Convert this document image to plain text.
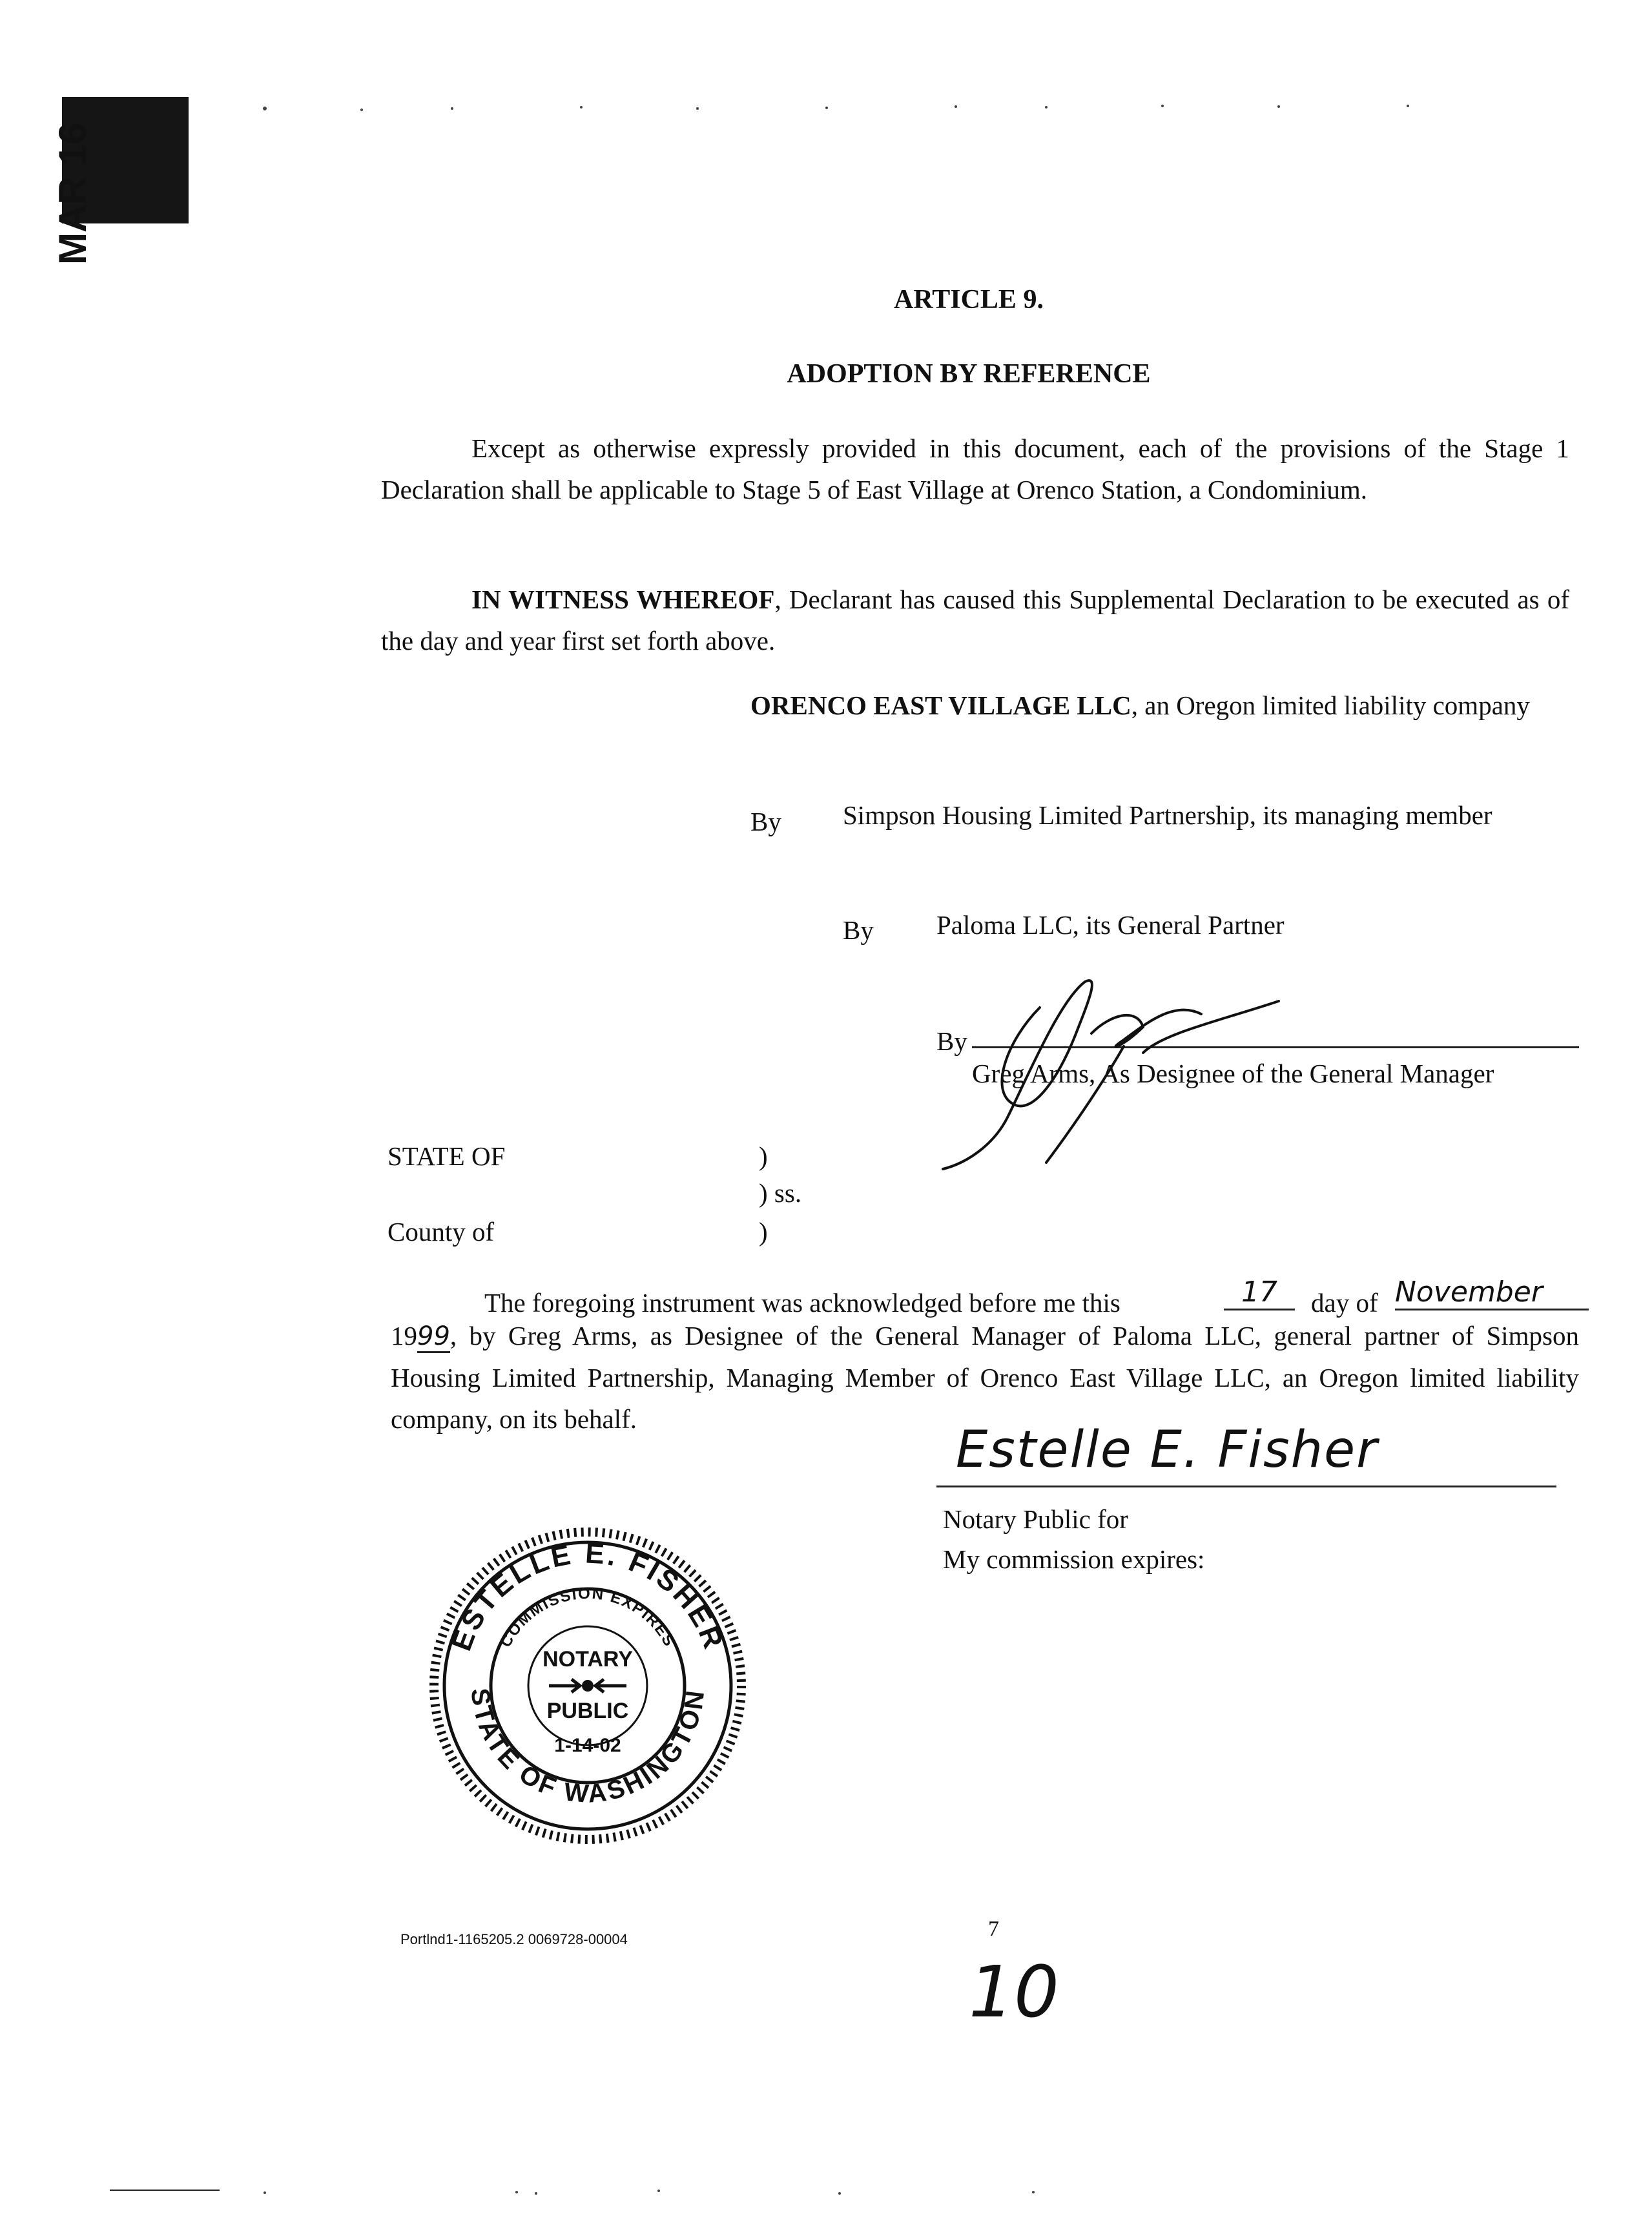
MAR 16
ARTICLE 9.
ADOPTION BY REFERENCE
Except as otherwise expressly provided in this document, each of the provisions of the Stage 1 Declaration shall be applicable to Stage 5 of East Village at Orenco Station, a Condominium.
IN WITNESS WHEREOF, Declarant has caused this Supplemental Declaration to be executed as of the day and year first set forth above.
ORENCO EAST VILLAGE LLC, an Oregon limited liability company
By Simpson Housing Limited Partnership, its managing member
By Paloma LLC, its General Partner
By
Greg Arms, As Designee of the General Manager
STATE OF	)
) ss.
County of	)
The foregoing instrument was acknowledged before me this	17	day of November
1999, by Greg Arms, as Designee of the General Manager of Paloma LLC, general partner of Simpson Housing Limited Partnership, Managing Member of Orenco East Village LLC, an Oregon limited liability company, on its behalf.
Estelle E. Fisher
Notary Public for
My commission expires:
ESTELLE E. FISHER
STATE OF WASHINGTON
COMMISSION EXPIRES
NOTARY
PUBLIC
1-14-02
Portlnd1-1165205.2 0069728-00004	7
10
